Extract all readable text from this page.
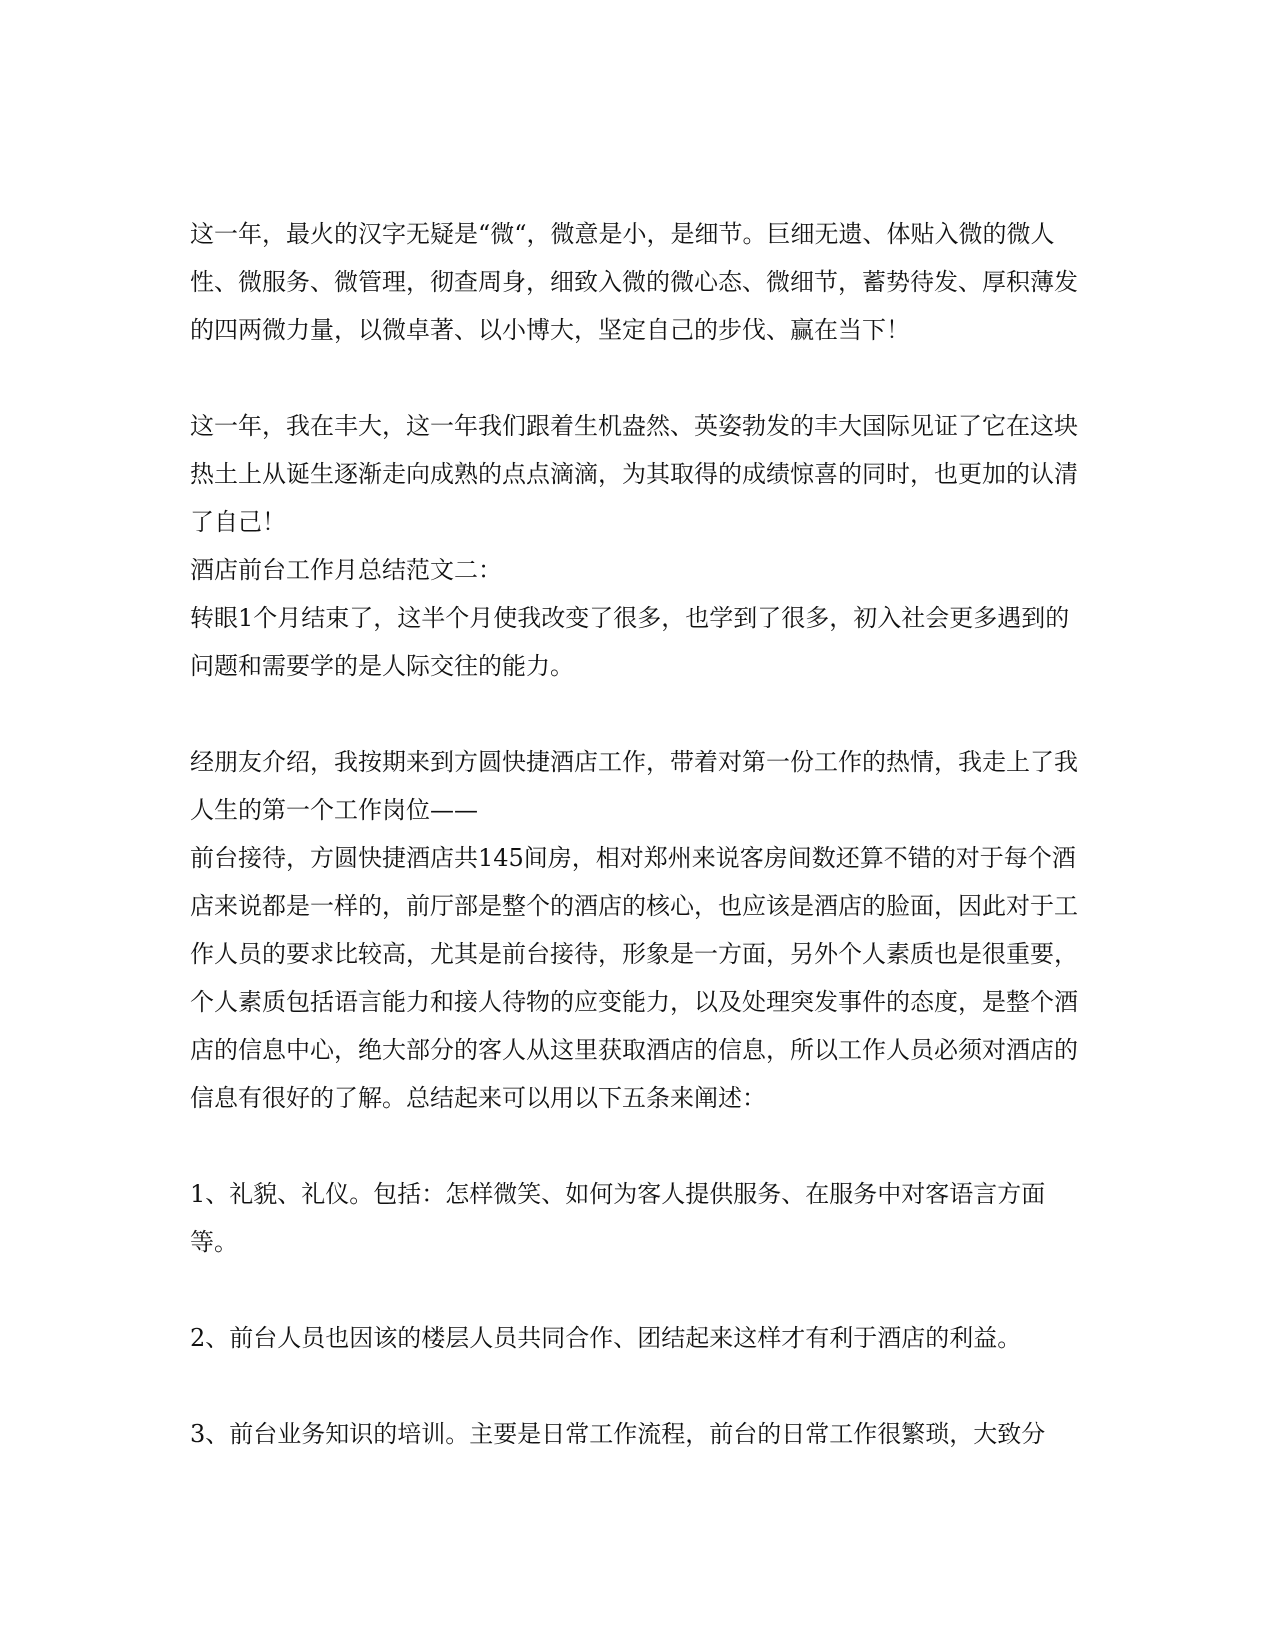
这一年，最火的汉字无疑是“微“，微意是小，是细节。巨细无遗、体贴入微的微人性、微服务、微管理，彻查周身，细致入微的微心态、微细节，蓄势待发、厚积薄发的四两微力量，以微卓著、以小博大，坚定自己的步伐、赢在当下！

这一年，我在丰大，这一年我们跟着生机盎然、英姿勃发的丰大国际见证了它在这块热土上从诞生逐渐走向成熟的点点滴滴，为其取得的成绩惊喜的同时，也更加的认清了自己！

酒店前台工作月总结范文二：

转眼1个月结束了，这半个月使我改变了很多，也学到了很多，初入社会更多遇到的问题和需要学的是人际交往的能力。

经朋友介绍，我按期来到方圆快捷酒店工作，带着对第一份工作的热情，我走上了我人生的第一个工作岗位——

前台接待，方圆快捷酒店共145间房，相对郑州来说客房间数还算不错的对于每个酒店来说都是一样的，前厅部是整个的酒店的核心，也应该是酒店的脸面，因此对于工作人员的要求比较高，尤其是前台接待，形象是一方面，另外个人素质也是很重要，个人素质包括语言能力和接人待物的应变能力，以及处理突发事件的态度，是整个酒店的信息中心，绝大部分的客人从这里获取酒店的信息，所以工作人员必须对酒店的信息有很好的了解。总结起来可以用以下五条来阐述：

1、礼貌、礼仪。包括：怎样微笑、如何为客人提供服务、在服务中对客语言方面等。

2、前台人员也因该的楼层人员共同合作、团结起来这样才有利于酒店的利益。

3、前台业务知识的培训。主要是日常工作流程，前台的日常工作很繁琐，大致分
